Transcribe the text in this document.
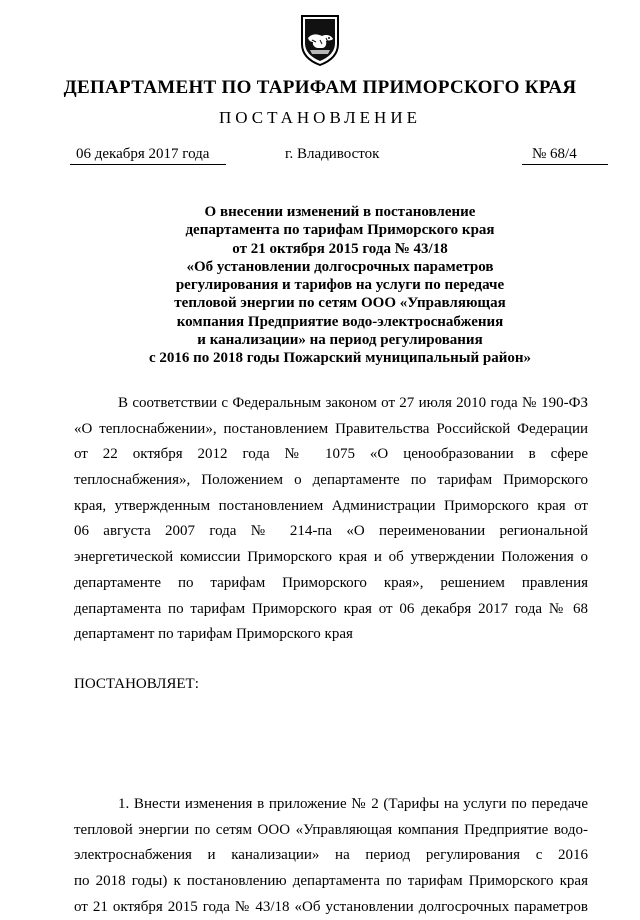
ДЕПАРТАМЕНТ ПО ТАРИФАМ ПРИМОРСКОГО КРАЯ
ПОСТАНОВЛЕНИЕ
06 декабря 2017 года	г. Владивосток	№ 68/4
О внесении изменений в постановление
департамента по тарифам Приморского края
от 21 октября 2015 года № 43/18
«Об установлении долгосрочных параметров
регулирования и тарифов на услуги по передаче
тепловой энергии по сетям ООО «Управляющая
компания Предприятие водо-электроснабжения
и канализации» на период регулирования
с 2016 по 2018 годы Пожарский муниципальный район»
В соответствии с Федеральным законом от 27 июля 2010 года № 190-ФЗ
«О теплоснабжении», постановлением Правительства Российской Федерации
от 22 октября 2012 года № 1075 «О ценообразовании в сфере
теплоснабжения», Положением о департаменте по тарифам Приморского
края, утвержденным постановлением Администрации Приморского края от
06 августа 2007 года № 214-па «О переименовании региональной
энергетической комиссии Приморского края и об утверждении Положения о
департаменте по тарифам Приморского края», решением правления
департамента по тарифам Приморского края от 06 декабря 2017 года № 68
департамент по тарифам Приморского края
ПОСТАНОВЛЯЕТ:
1. Внести изменения в приложение № 2 (Тарифы на услуги по передаче
тепловой энергии по сетям ООО «Управляющая компания Предприятие водо-
электроснабжения и канализации» на период регулирования с 2016
по 2018 годы) к постановлению департамента по тарифам Приморского края
от 21 октября 2015 года № 43/18 «Об установлении долгосрочных параметров
